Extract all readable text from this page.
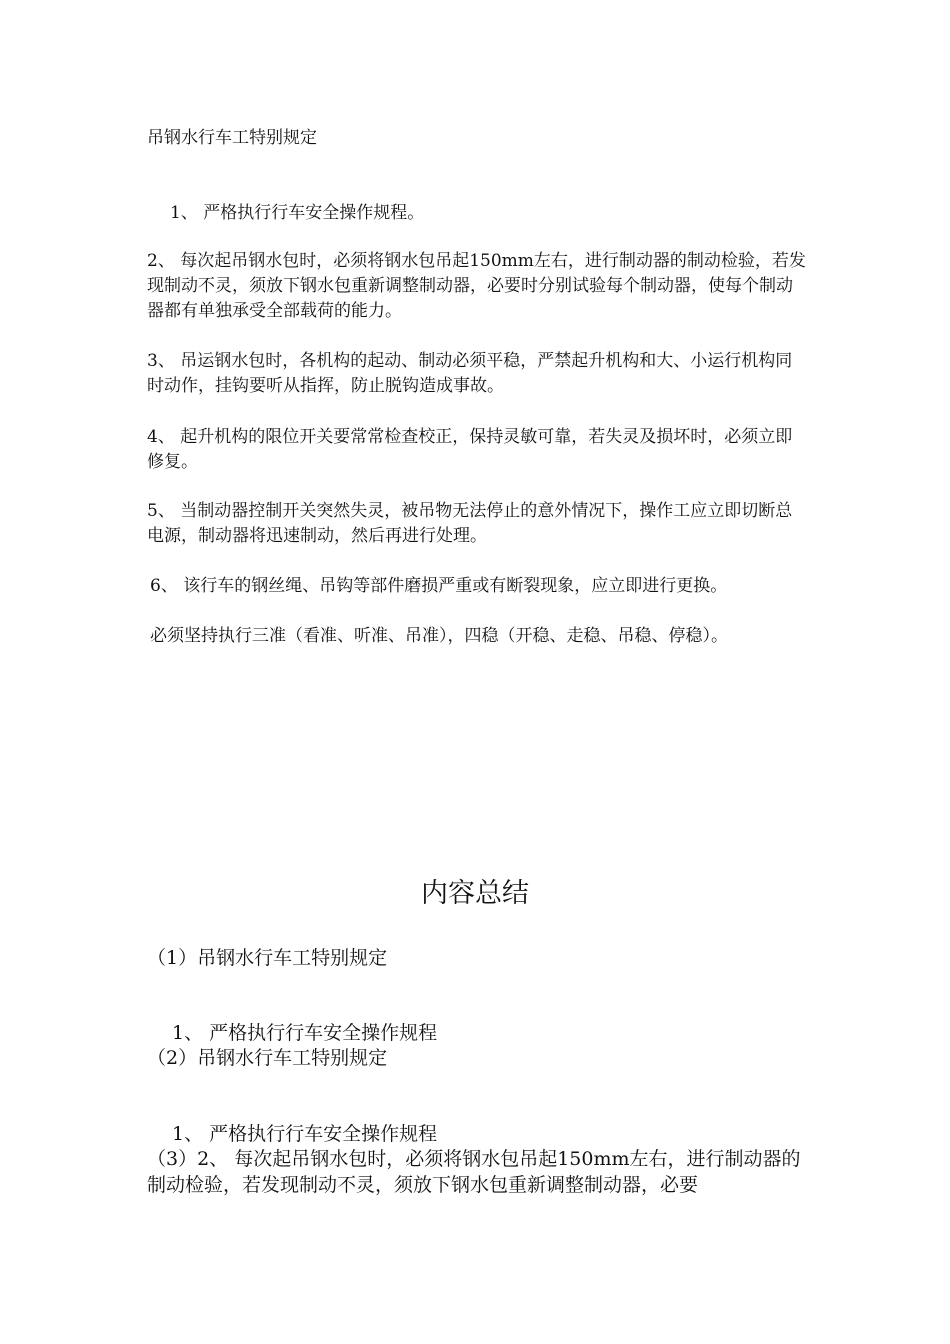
吊钢水行车工特别规定

1、 严格执行行车安全操作规程。

2、 每次起吊钢水包时，必须将钢水包吊起150mm左右，进行制动器的制动检验，若发现制动不灵，须放下钢水包重新调整制动器，必要时分别试验每个制动器，使每个制动器都有单独承受全部载荷的能力。

3、 吊运钢水包时，各机构的起动、制动必须平稳，严禁起升机构和大、小运行机构同时动作，挂钩要听从指挥，防止脱钩造成事故。

4、 起升机构的限位开关要常常检查校正，保持灵敏可靠，若失灵及损坏时，必须立即修复。

5、 当制动器控制开关突然失灵，被吊物无法停止的意外情况下，操作工应立即切断总电源，制动器将迅速制动，然后再进行处理。

6、 该行车的钢丝绳、吊钩等部件磨损严重或有断裂现象，应立即进行更换。

必须坚持执行三准（看准、听准、吊准），四稳（开稳、走稳、吊稳、停稳）。

内容总结

（1）吊钢水行车工特别规定

1、 严格执行行车安全操作规程

（2）吊钢水行车工特别规定

1、 严格执行行车安全操作规程

（3）2、 每次起吊钢水包时，必须将钢水包吊起150mm左右，进行制动器的制动检验，若发现制动不灵，须放下钢水包重新调整制动器，必要
